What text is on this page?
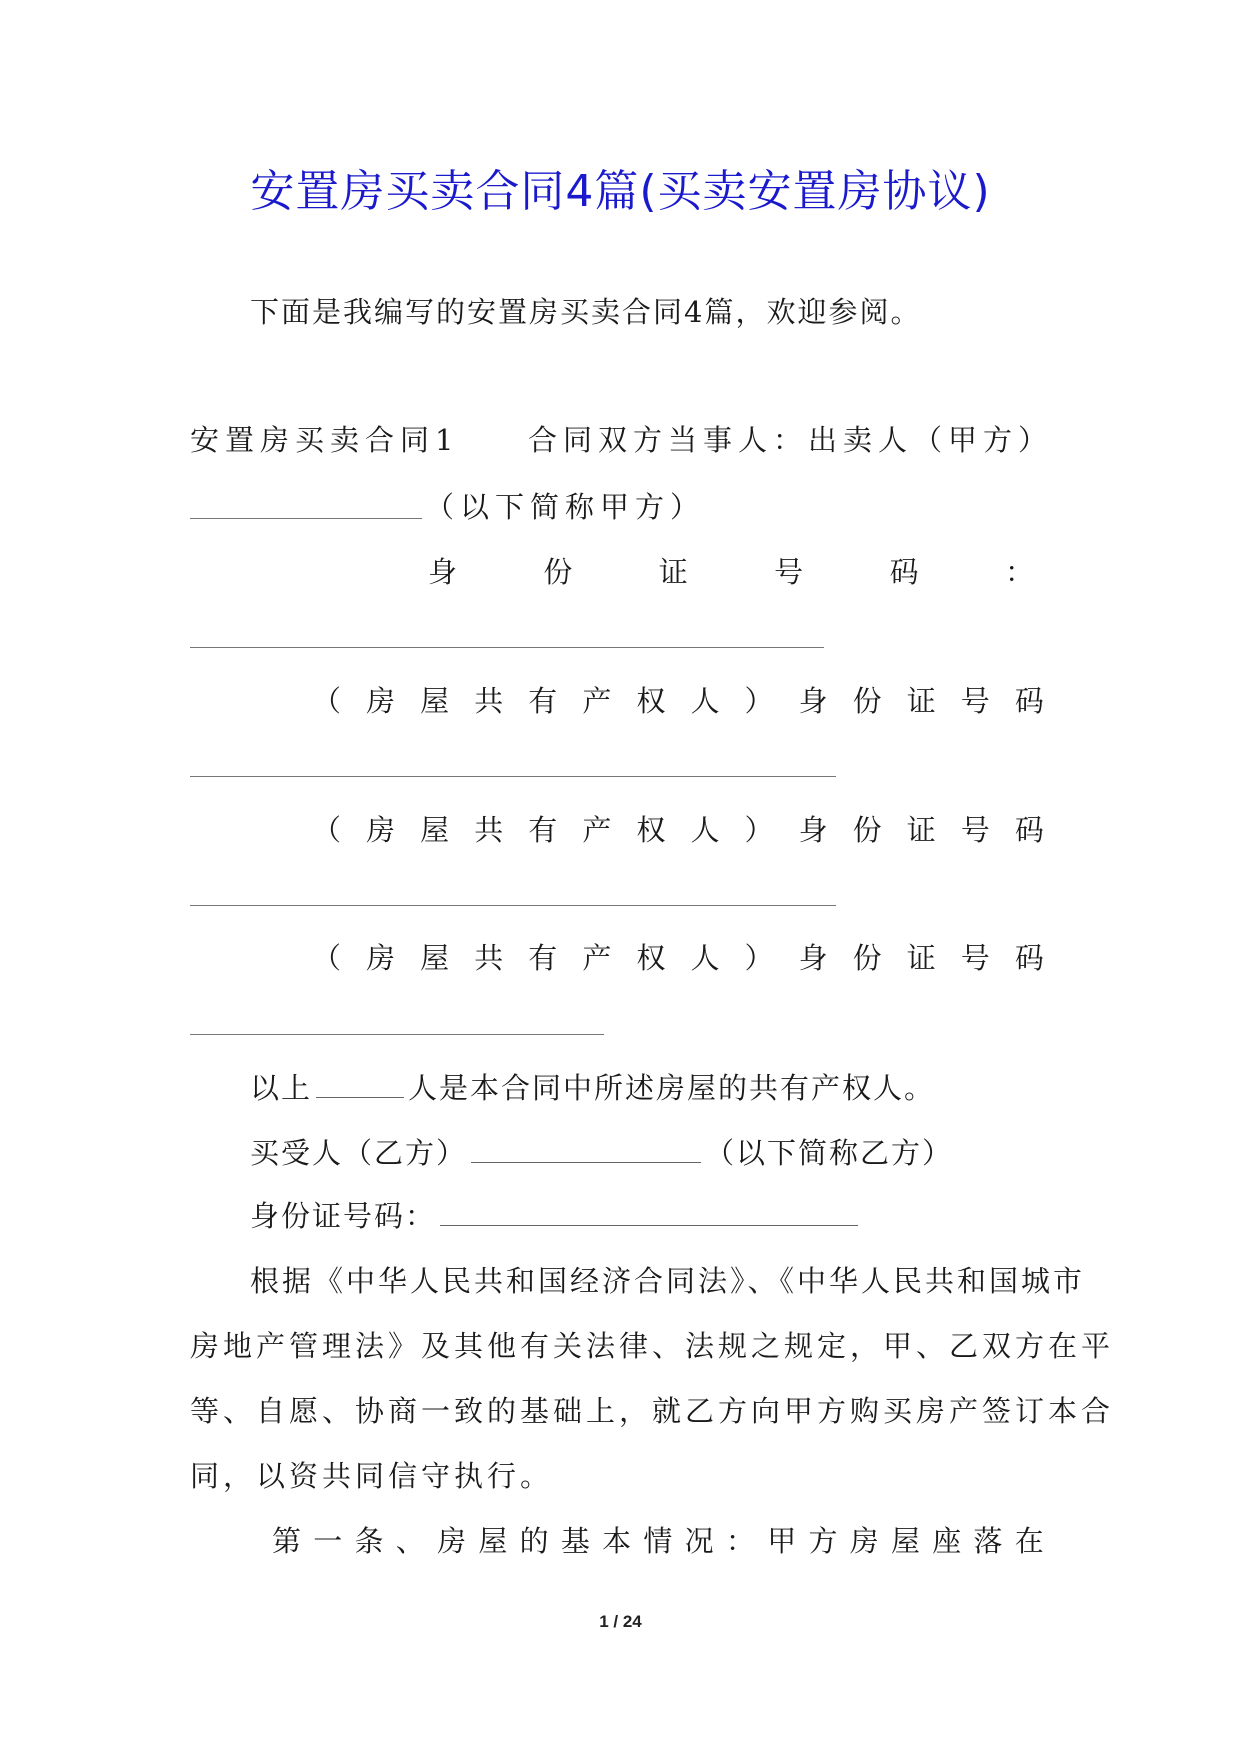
安置房买卖合同4篇(买卖安置房协议)
下面是我编写的安置房买卖合同4篇，欢迎参阅。
安置房买卖合同1 合同双方当事人：出卖人（甲方）
（以下简称甲方）
身	份	证	号	码	：
（ 房 屋 共 有 产 权 人 ） 身 份 证 号 码
（ 房 屋 共 有 产 权 人 ） 身 份 证 号 码
（ 房 屋 共 有 产 权 人 ） 身 份 证 号 码
以上	人是本合同中所述房屋的共有产权人。
买受人（乙方）	（以下简称乙方）
身份证号码：
根据《中华人民共和国经济合同法》、《中华人民共和国城市
房地产管理法》及其他有关法律、法规之规定，甲、乙双方在平
等、自愿、协商一致的基础上，就乙方向甲方购买房产签订本合
同，以资共同信守执行。
第 一 条 、 房 屋 的 基 本 情 况 ： 甲 方 房 屋 座 落 在
1 / 24
